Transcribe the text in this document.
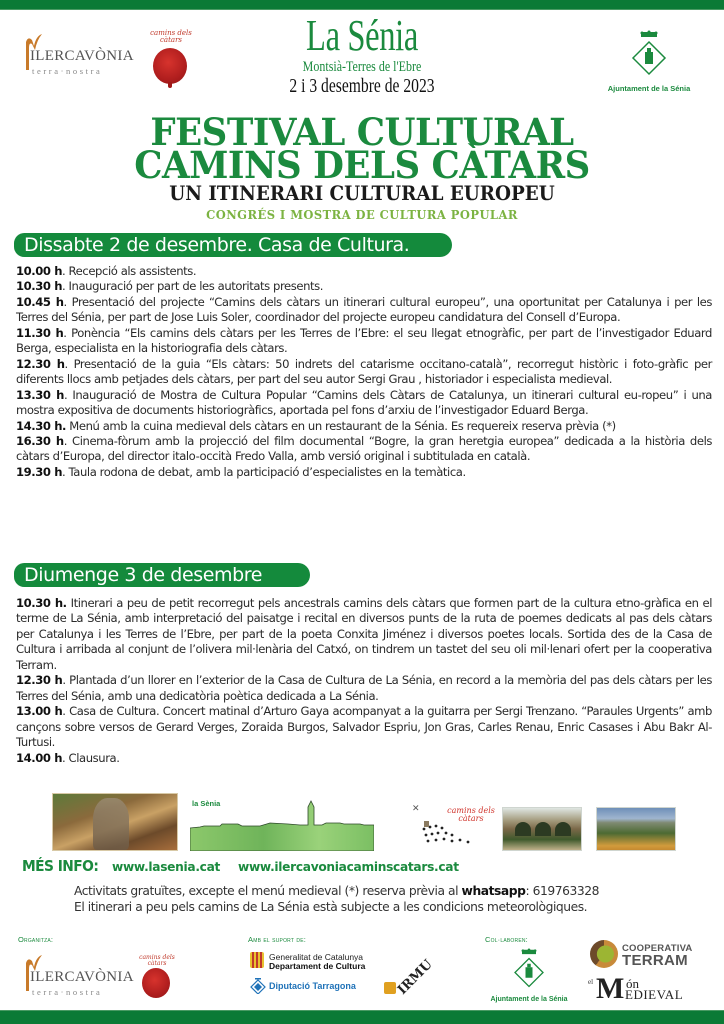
ILERCAVÒNIA
terra·nostra
camins dels càtars	La Sénia
Montsià-Terres de l'Ebre
2 i 3 desembre de 2023	Ajuntament de la Sénia
FESTIVAL CULTURAL
CAMINS DELS CÀTARS
UN ITINERARI CULTURAL EUROPEU
CONGRÉS I MOSTRA DE CULTURA POPULAR
Dissabte 2 de desembre. Casa de Cultura.
10.00 h. Recepció als assistents.
10.30 h. Inauguració per part de les autoritats presents.
10.45 h. Presentació del projecte “Camins dels càtars un itinerari cultural europeu”, una oportunitat per Catalunya i per les Terres del Sénia, per part de Jose Luis Soler, coordinador del projecte europeu candidatura del Consell d’Europa.
11.30 h. Ponència “Els camins dels càtars per les Terres de l’Ebre: el seu llegat etnogràfic, per part de l’investigador Eduard Berga, especialista en la historiografia dels càtars.
12.30 h. Presentació de la guia “Els càtars: 50 indrets del catarisme occitano-català”, recorregut històric i foto-gràfic per diferents llocs amb petjades dels càtars, per part del seu autor Sergi Grau , historiador i especialista medieval.
13.30 h. Inauguració de Mostra de Cultura Popular “Camins dels Càtars de Catalunya, un itinerari cultural eu-ropeu” i una mostra expositiva de documents historiogràfics, aportada pel fons d’arxiu de l’investigador Eduard Berga.
14.30 h. Menú amb la cuina medieval dels càtars en un restaurant de la Sénia. Es requereix reserva prèvia (*)
16.30 h. Cinema-fòrum amb la projecció del film documental “Bogre, la gran heretgia europea” dedicada a la història dels càtars d’Europa, del director italo-occità Fredo Valla, amb versió original i subtitulada en català.
19.30 h. Taula rodona de debat, amb la participació d’especialistes en la temàtica.
Diumenge 3 de desembre
10.30 h. Itinerari a peu de petit recorregut pels ancestrals camins dels càtars que formen part de la cultura etno-gràfica en el terme de La Sénia, amb interpretació del paisatge i recital en diversos punts de la ruta de poemes dedicats al pas dels càtars per Catalunya i les Terres de l’Ebre, per part de la poeta Conxita Jiménez i diversos poetes locals. Sortida des de la Casa de Cultura i arribada al conjunt de l’olivera mil·lenària del Catxó, on tindrem un tastet del seu oli mil·lenari ofert per la cooperativa Terram.
12.30 h. Plantada d’un llorer en l’exterior de la Casa de Cultura de La Sénia, en record a la memòria del pas dels càtars per les Terres del Sénia, amb una dedicatòria poètica dedicada a La Sénia.
13.00 h. Casa de Cultura. Concert matinal d’Arturo Gaya acompanyat a la guitarra per Sergi Trenzano. “Paraules Urgents” amb cançons sobre versos de Gerard Verges, Zoraida Burgos, Salvador Espriu, Jon Gras, Carles Renau, Enric Casases i Abu Bakr Al-Turtusi.
14.00 h. Clausura.
la Sènia	✕	camins dels càtars
MÉS INFO: www.lasenia.cat www.ilercavoniacaminscatars.cat
Activitats gratuïtes, excepte el menú medieval (*) reserva prèvia al whatsapp: 619763328
El itinerari a peu pels camins de La Sénia està subjecte a les condicions meteorològiques.
Organitza:	Amb el suport de:	Col·laboren:
ILERCAVÒNIA
terra·nostra
camins dels càtars
Generalitat de Catalunya
Departament de Cultura
Diputació Tarragona	IRMU
Ajuntament de la Sénia
COOPERATIVA
TERRAM
el M ón
EDIEVAL
